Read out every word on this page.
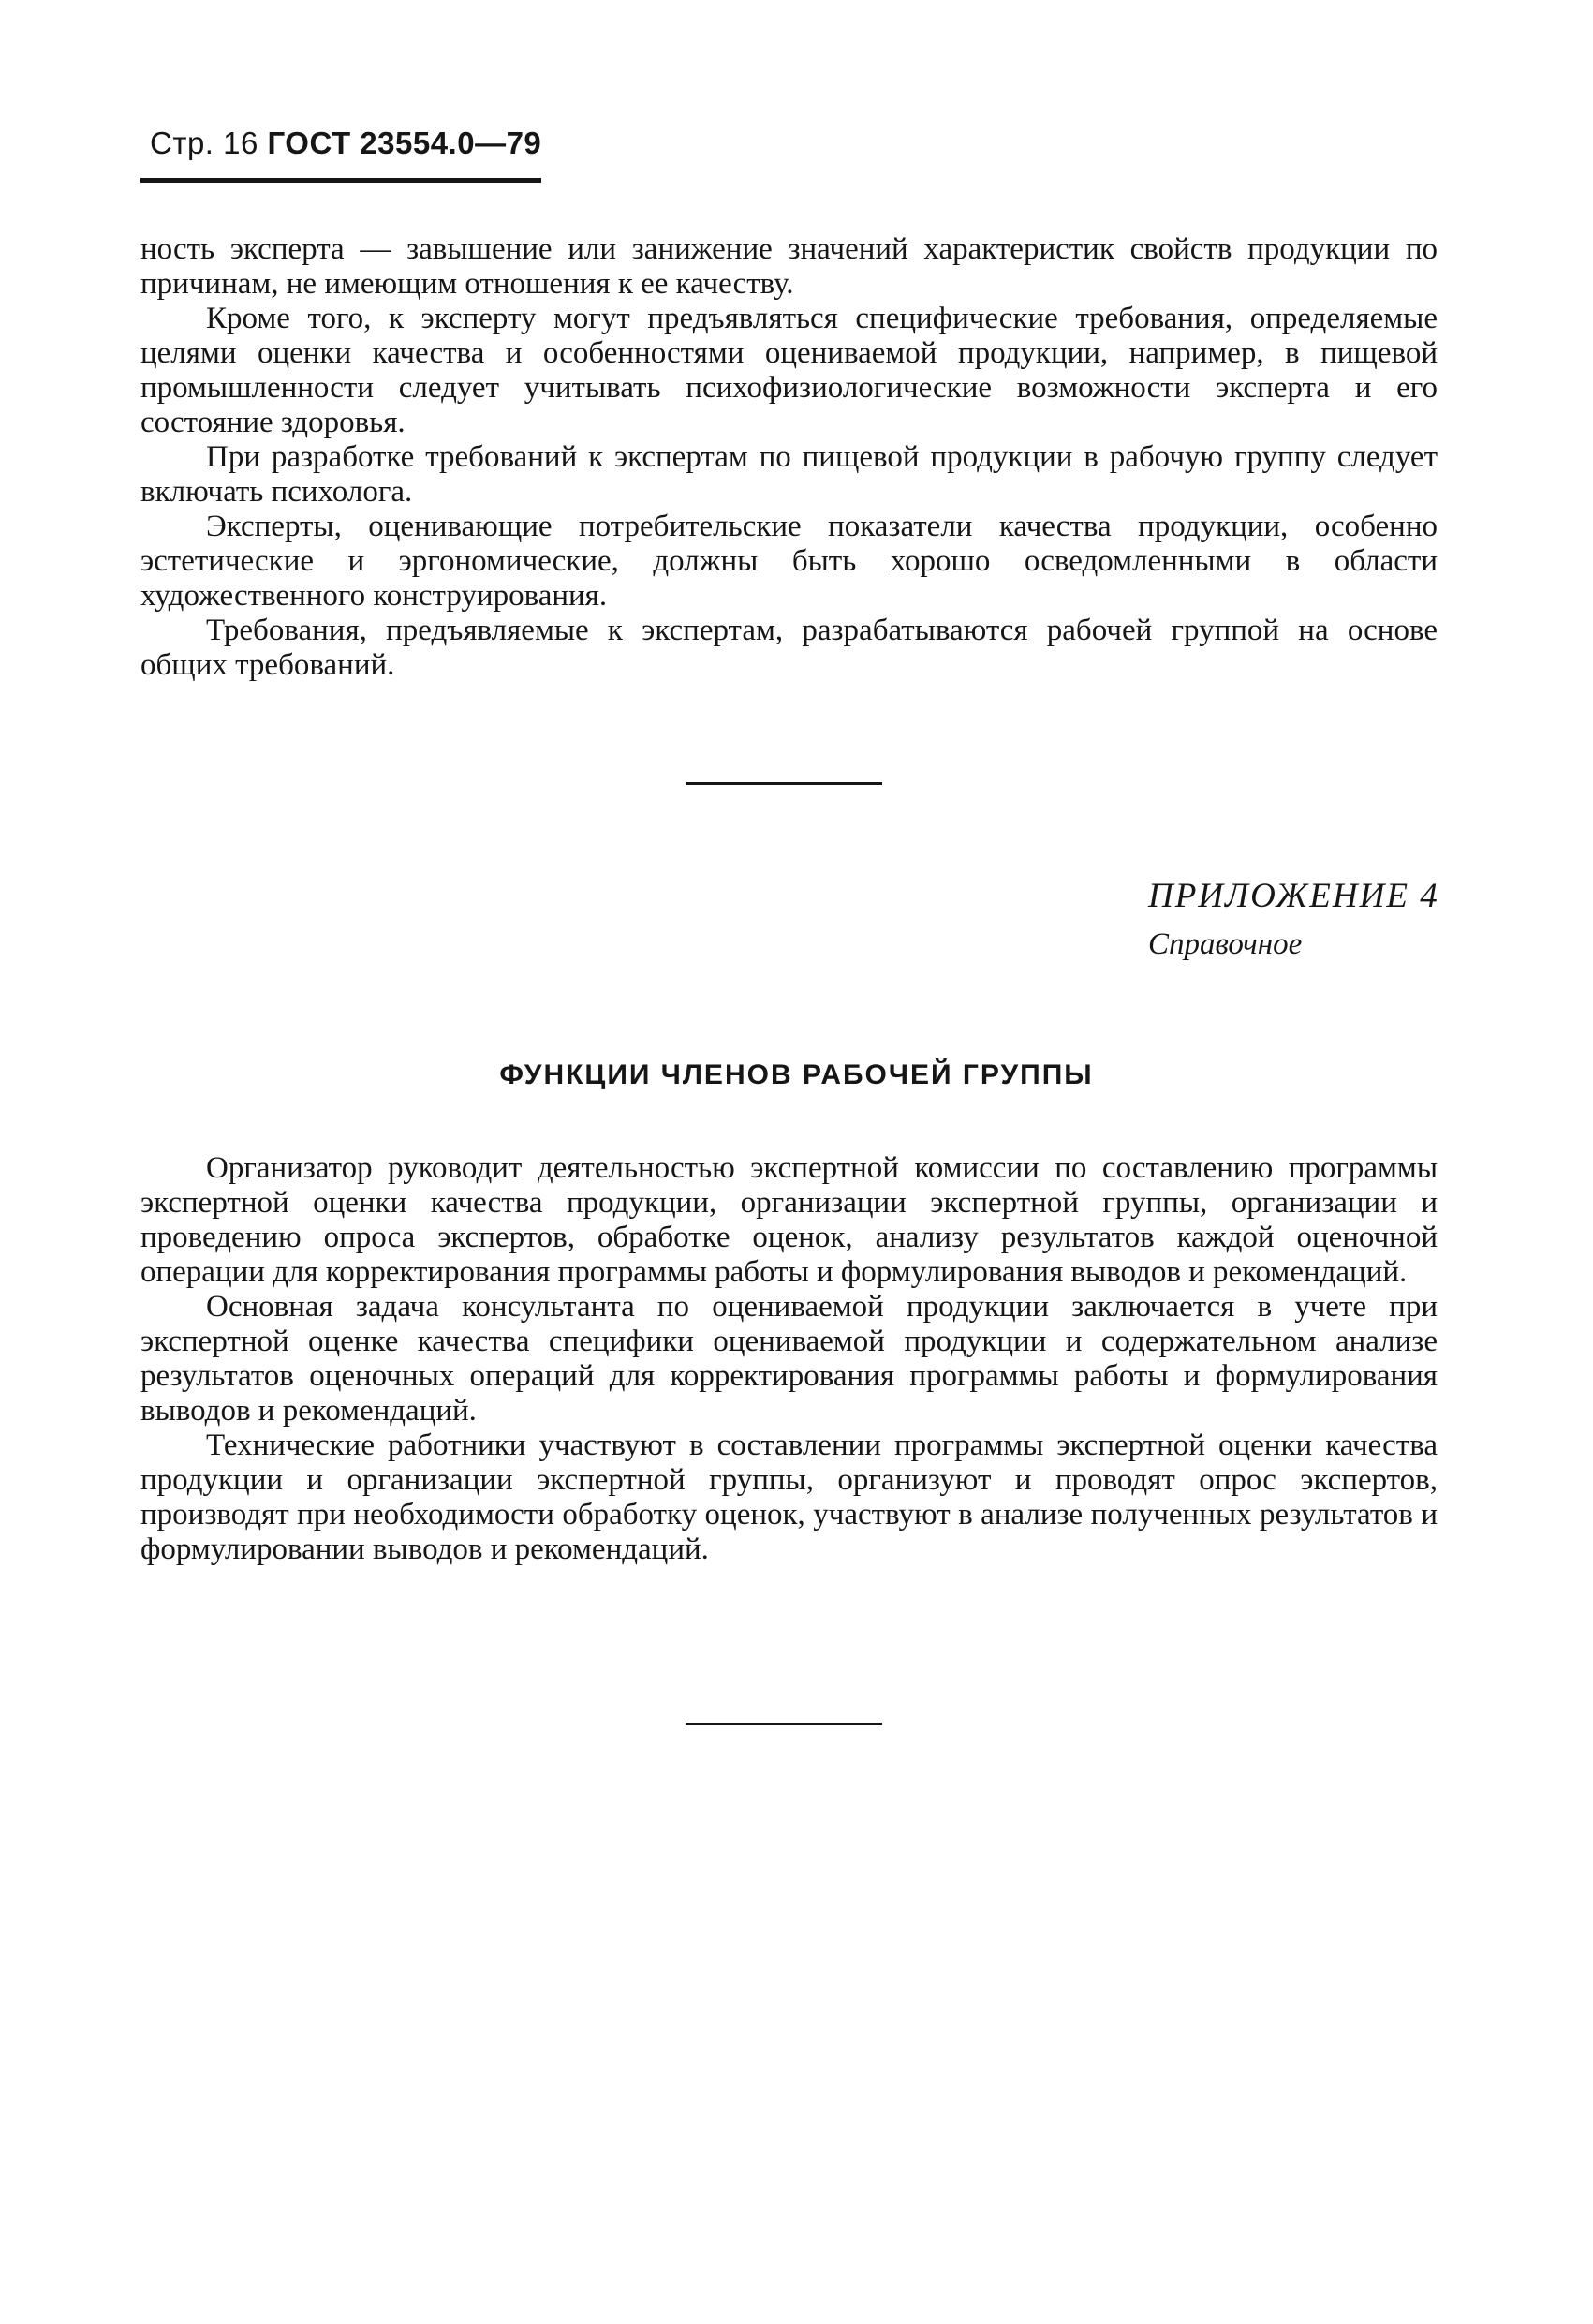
Стр. 16 ГОСТ 23554.0—79

ность эксперта — завышение или занижение значений характеристик свойств продукции по причинам, не имеющим отношения к ее качеству.

Кроме того, к эксперту могут предъявляться специфические требования, определяемые целями оценки качества и особенностями оцениваемой продукции, например, в пищевой промышленности следует учитывать психофизиологические возможности эксперта и его состояние здоровья.

При разработке требований к экспертам по пищевой продукции в рабочую группу следует включать психолога.

Эксперты, оценивающие потребительские показатели качества продукции, особенно эстетические и эргономические, должны быть хорошо осведомленными в области художественного конструирования.

Требования, предъявляемые к экспертам, разрабатываются рабочей группой на основе общих требований.

ПРИЛОЖЕНИЕ 4
Справочное
ФУНКЦИИ ЧЛЕНОВ РАБОЧЕЙ ГРУППЫ

Организатор руководит деятельностью экспертной комиссии по составлению программы экспертной оценки качества продукции, организации экспертной группы, организации и проведению опроса экспертов, обработке оценок, анализу результатов каждой оценочной операции для корректирования программы работы и формулирования выводов и рекомендаций.

Основная задача консультанта по оцениваемой продукции заключается в учете при экспертной оценке качества специфики оцениваемой продукции и содержательном анализе результатов оценочных операций для корректирования программы работы и формулирования выводов и рекомендаций.

Технические работники участвуют в составлении программы экспертной оценки качества продукции и организации экспертной группы, организуют и проводят опрос экспертов, производят при необходимости обработку оценок, участвуют в анализе полученных результатов и формулировании выводов и рекомендаций.
